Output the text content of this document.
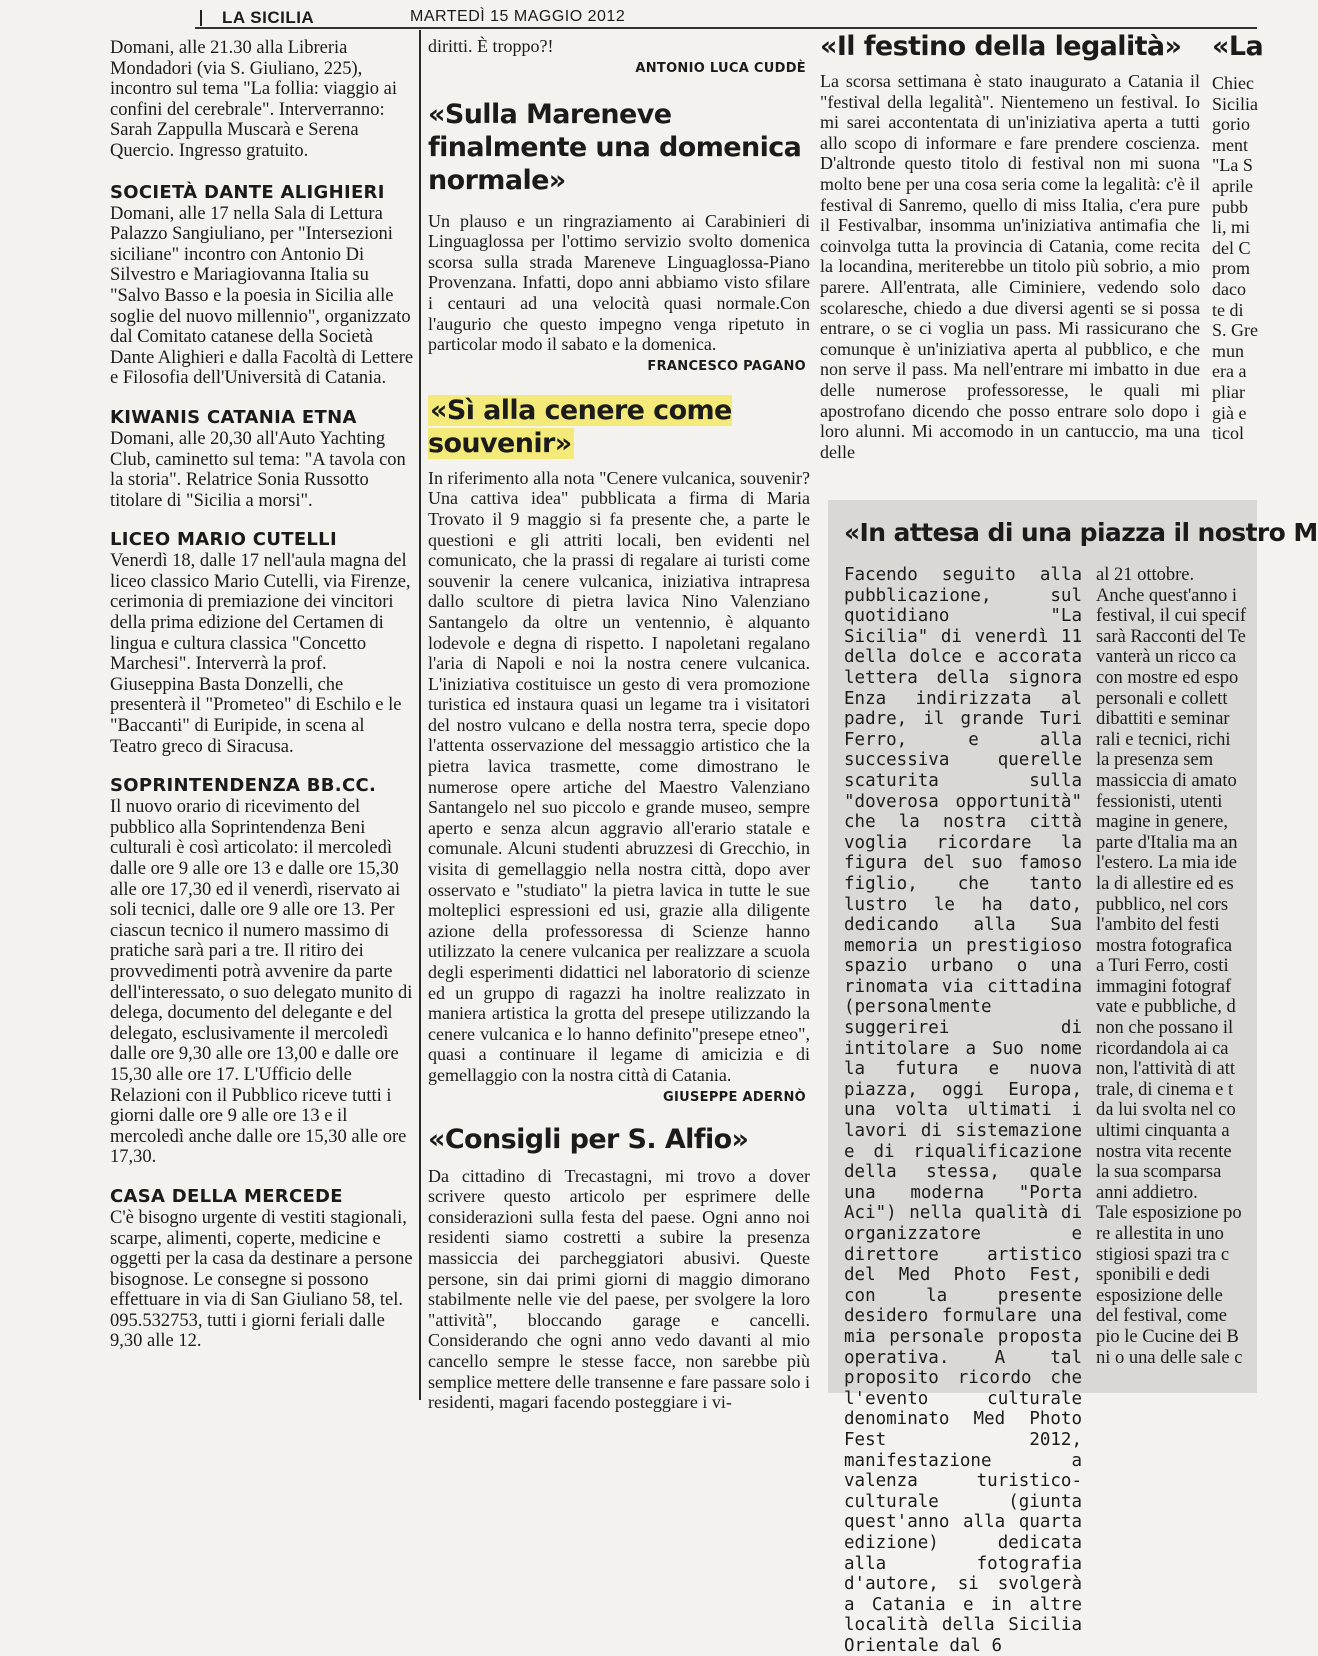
LA SICILIA	MARTEDÌ 15 MAGGIO 2012

Domani, alle 21.30 alla Libreria Mondadori (via S. Giuliano, 225), incontro sul tema "La follia: viaggio ai confini del cerebrale". Interverranno: Sarah Zappulla Muscarà e Serena Quercio. Ingresso gratuito.

SOCIETÀ DANTE ALIGHIERI

Domani, alle 17 nella Sala di Lettura Palazzo Sangiuliano, per "Intersezioni siciliane" incontro con Antonio Di Silvestro e Mariagiovanna Italia su "Salvo Basso e la poesia in Sicilia alle soglie del nuovo millennio", organizzato dal Comitato catanese della Società Dante Alighieri e dalla Facoltà di Lettere e Filosofia dell'Università di Catania.

KIWANIS CATANIA ETNA

Domani, alle 20,30 all'Auto Yachting Club, caminetto sul tema: "A tavola con la storia". Relatrice Sonia Russotto titolare di "Sicilia a morsi".

LICEO MARIO CUTELLI

Venerdì 18, dalle 17 nell'aula magna del liceo classico Mario Cutelli, via Firenze, cerimonia di premiazione dei vincitori della prima edizione del Certamen di lingua e cultura classica "Concetto Marchesi". Interverrà la prof. Giuseppina Basta Donzelli, che presenterà il "Prometeo" di Eschilo e le "Baccanti" di Euripide, in scena al Teatro greco di Siracusa.

SOPRINTENDENZA BB.CC.

Il nuovo orario di ricevimento del pubblico alla Soprintendenza Beni culturali è così articolato: il mercoledì dalle ore 9 alle ore 13 e dalle ore 15,30 alle ore 17,30 ed il venerdì, riservato ai soli tecnici, dalle ore 9 alle ore 13. Per ciascun tecnico il numero massimo di pratiche sarà pari a tre. Il ritiro dei provvedimenti potrà avvenire da parte dell'interessato, o suo delegato munito di delega, documento del delegante e del delegato, esclusivamente il mercoledì dalle ore 9,30 alle ore 13,00 e dalle ore 15,30 alle ore 17. L'Ufficio delle Relazioni con il Pubblico riceve tutti i giorni dalle ore 9 alle ore 13 e il mercoledì anche dalle ore 15,30 alle ore 17,30.

CASA DELLA MERCEDE

C'è bisogno urgente di vestiti stagionali, scarpe, alimenti, coperte, medicine e oggetti per la casa da destinare a persone bisognose. Le consegne si possono effettuare in via di San Giuliano 58, tel. 095.532753, tutti i giorni feriali dalle 9,30 alle 12.

diritti. È troppo?!

ANTONIO LUCA CUDDÈ

«Sulla Mareneve finalmente una domenica normale»

Un plauso e un ringraziamento ai Carabinieri di Linguaglossa per l'ottimo servizio svolto domenica scorsa sulla strada Mareneve Linguaglossa-Piano Provenzana. Infatti, dopo anni abbiamo visto sfilare i centauri ad una velocità quasi normale.Con l'augurio che questo impegno venga ripetuto in particolar modo il sabato e la domenica.

FRANCESCO PAGANO

«Sì alla cenere come souvenir»

In riferimento alla nota "Cenere vulcanica, souvenir? Una cattiva idea" pubblicata a firma di Maria Trovato il 9 maggio si fa presente che, a parte le questioni e gli attriti locali, ben evidenti nel comunicato, che la prassi di regalare ai turisti come souvenir la cenere vulcanica, iniziativa intrapresa dallo scultore di pietra lavica Nino Valenziano Santangelo da oltre un ventennio, è alquanto lodevole e degna di rispetto. I napoletani regalano l'aria di Napoli e noi la nostra cenere vulcanica. L'iniziativa costituisce un gesto di vera promozione turistica ed instaura quasi un legame tra i visitatori del nostro vulcano e della nostra terra, specie dopo l'attenta osservazione del messaggio artistico che la pietra lavica trasmette, come dimostrano le numerose opere artiche del Maestro Valenziano Santangelo nel suo piccolo e grande museo, sempre aperto e senza alcun aggravio all'erario statale e comunale. Alcuni studenti abruzzesi di Grecchio, in visita di gemellaggio nella nostra città, dopo aver osservato e "studiato" la pietra lavica in tutte le sue molteplici espressioni ed usi, grazie alla diligente azione della professoressa di Scienze hanno utilizzato la cenere vulcanica per realizzare a scuola degli esperimenti didattici nel laboratorio di scienze ed un gruppo di ragazzi ha inoltre realizzato in maniera artistica la grotta del presepe utilizzando la cenere vulcanica e lo hanno definito"presepe etneo", quasi a continuare il legame di amicizia e di gemellaggio con la nostra città di Catania.

GIUSEPPE ADERNÒ

«Consigli per S. Alfio»

Da cittadino di Trecastagni, mi trovo a dover scrivere questo articolo per esprimere delle considerazioni sulla festa del paese. Ogni anno noi residenti siamo costretti a subire la presenza massiccia dei parcheggiatori abusivi. Queste persone, sin dai primi giorni di maggio dimorano stabilmente nelle vie del paese, per svolgere la loro "attività", bloccando garage e cancelli. Considerando che ogni anno vedo davanti al mio cancello sempre le stesse facce, non sarebbe più semplice mettere delle transenne e fare passare solo i residenti, magari facendo posteggiare i vi-

«Il festino della legalità»

La scorsa settimana è stato inaugurato a Catania il "festival della legalità". Nientemeno un festival. Io mi sarei accontentata di un'iniziativa aperta a tutti allo scopo di informare e fare prendere coscienza. D'altronde questo titolo di festival non mi suona molto bene per una cosa seria come la legalità: c'è il festival di Sanremo, quello di miss Italia, c'era pure il Festivalbar, insomma un'iniziativa antimafia che coinvolga tutta la provincia di Catania, come recita la locandina, meriterebbe un titolo più sobrio, a mio parere. All'entrata, alle Ciminiere, vedendo solo scolaresche, chiedo a due diversi agenti se si possa entrare, o se ci voglia un pass. Mi rassicurano che comunque è un'iniziativa aperta al pubblico, e che non serve il pass. Ma nell'entrare mi imbatto in due delle numerose professoresse, le quali mi apostrofano dicendo che posso entrare solo dopo i loro alunni. Mi accomodo in un cantuccio, ma una delle

«La
Chiec
Sicilia
gorio
ment
"La S
aprile
pubb
li, mi
del C
prom
daco
te di
S. Gre
mun
era a
pliar
già e
ticol
«In attesa di una piazza il nostro M

Facendo seguito alla pubblicazione, sul quotidiano "La Sicilia" di venerdì 11 della dolce e accorata lettera della signora Enza indirizzata al padre, il grande Turi Ferro, e alla successiva querelle scaturita sulla "doverosa opportunità" che la nostra città voglia ricordare la figura del suo famoso figlio, che tanto lustro le ha dato, dedicando alla Sua memoria un prestigioso spazio urbano o una rinomata via cittadina (personalmente suggerirei di intitolare a Suo nome la futura e nuova piazza, oggi Europa, una volta ultimati i lavori di sistemazione e di riqualificazione della stessa, quale una moderna "Porta Aci") nella qualità di organizzatore e direttore artistico del Med Photo Fest, con la presente desidero formulare una mia personale proposta operativa. A tal proposito ricordo che l'evento culturale denominato Med Photo Fest 2012, manifestazione a valenza turistico-culturale (giunta quest'anno alla quarta edizione) dedicata alla fotografia d'autore, si svolgerà a Catania e in altre località della Sicilia Orientale dal 6

al 21 ottobre.
Anche quest'anno i
festival, il cui specif
sarà Racconti del Te
vanterà un ricco ca
con mostre ed espo
personali e collett
dibattiti e seminar
rali e tecnici, richi
la presenza sem
massiccia di amato
fessionisti, utenti
magine in genere,
parte d'Italia ma an
l'estero. La mia ide
la di allestire ed es
pubblico, nel cors
l'ambito del festi
mostra fotografica
a Turi Ferro, costi
immagini fotograf
vate e pubbliche, d
non che possano il
ricordandola ai ca
non, l'attività di att
trale, di cinema e t
da lui svolta nel co
ultimi cinquanta a
nostra vita recente
la sua scomparsa
anni addietro.
Tale esposizione po
re allestita in uno
stigiosi spazi tra c
sponibili e dedi
esposizione delle
del festival, come
pio le Cucine dei B
ni o una delle sale c
